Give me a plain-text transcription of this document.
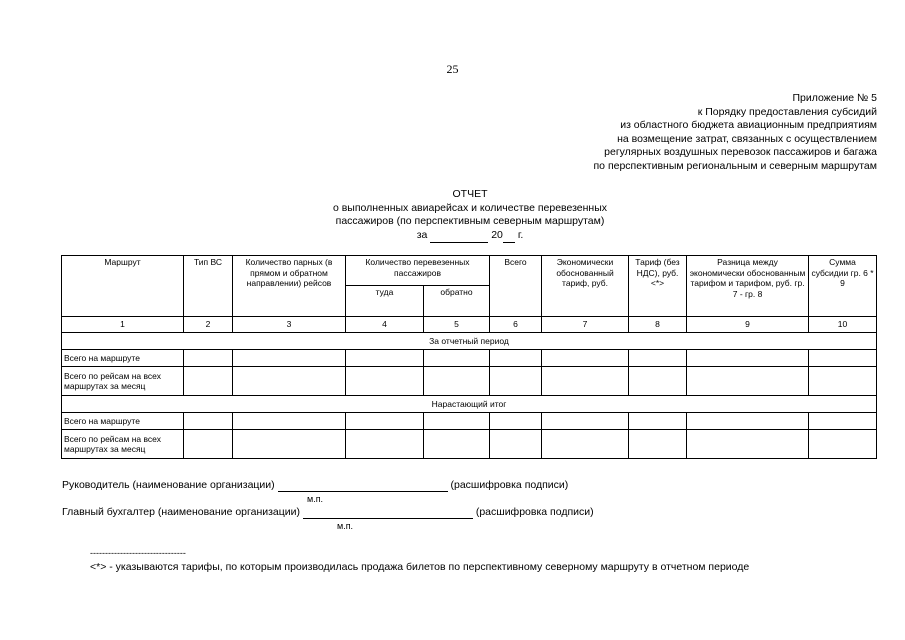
25
Приложение № 5
к Порядку предоставления субсидий
из областного бюджета авиационным предприятиям
на возмещение затрат, связанных с осуществлением
регулярных воздушных перевозок пассажиров и багажа
по перспективным региональным и северным маршрутам
ОТЧЕТ
о выполненных авиарейсах и количестве перевезенных
пассажиров (по перспективным северным маршрутам)
за	20 г.
Маршрут	Тип ВС	Количество парных (в прямом и обратном направлении) рейсов	Количество перевезенных пассажиров		Всего	Экономически обоснованный тариф, руб.	Тариф (без НДС), руб. <*>	Разница между экономически обоснованным тарифом и тарифом, руб. гр. 7 - гр. 8	Сумма субсидии гр. 6 * 9
			туда	обратно					
1	2	3	4	5	6	7	8	9	10
За отчетный период									
Всего на маршруте									
Всего по рейсам на всех маршрутах за месяц									
Нарастающий итог									
Всего на маршруте									
Всего по рейсам на всех маршрутах за месяц									
Руководитель (наименование организации)	(расшифровка подписи)
м.п.
Главный бухгалтер (наименование организации)	(расшифровка подписи)
м.п.
--------------------------------
<*> - указываются тарифы, по которым производилась продажа билетов по перспективному северному маршруту в отчетном периоде
